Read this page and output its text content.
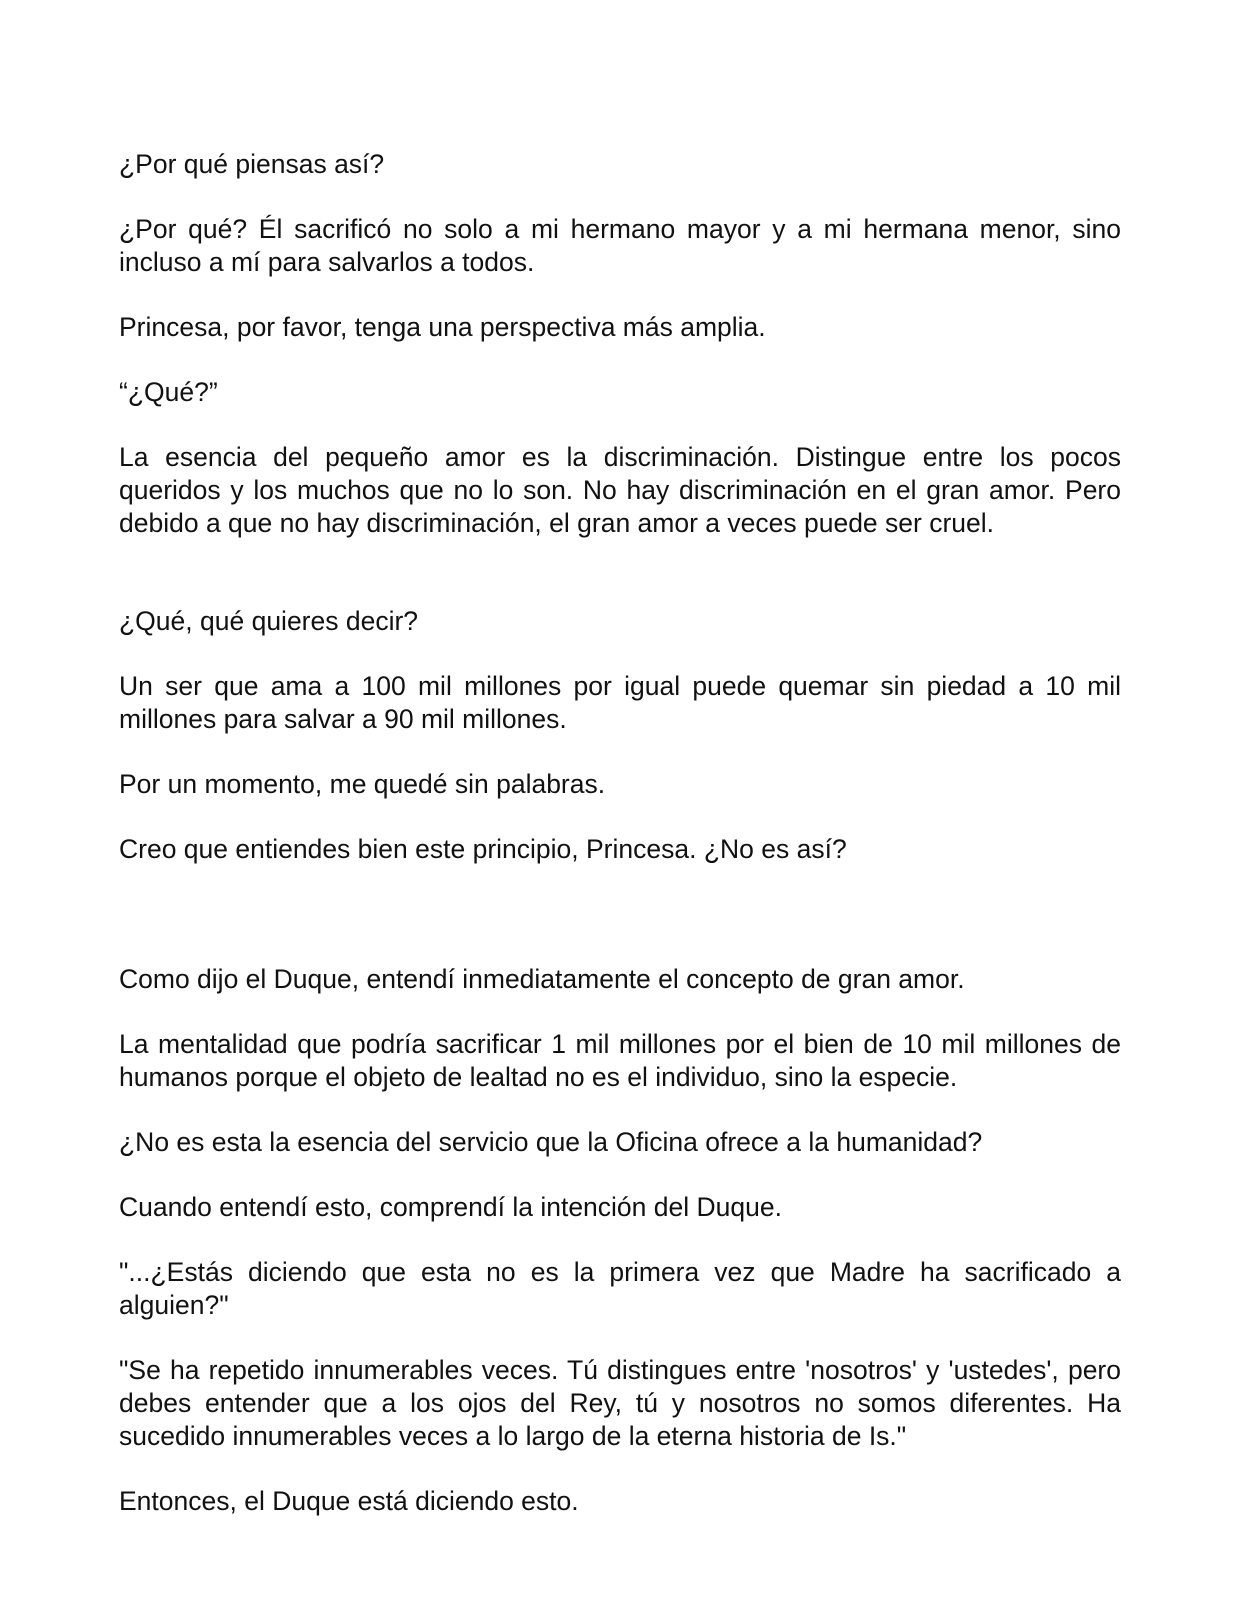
¿Por qué piensas así?

¿Por qué? Él sacrificó no solo a mi hermano mayor y a mi hermana menor, sino incluso a mí para salvarlos a todos.

Princesa, por favor, tenga una perspectiva más amplia.

“¿Qué?”

La esencia del pequeño amor es la discriminación. Distingue entre los pocos queridos y los muchos que no lo son. No hay discriminación en el gran amor. Pero debido a que no hay discriminación, el gran amor a veces puede ser cruel.

¿Qué, qué quieres decir?

Un ser que ama a 100 mil millones por igual puede quemar sin piedad a 10 mil millones para salvar a 90 mil millones.

Por un momento, me quedé sin palabras.

Creo que entiendes bien este principio, Princesa. ¿No es así?

Como dijo el Duque, entendí inmediatamente el concepto de gran amor.

La mentalidad que podría sacrificar 1 mil millones por el bien de 10 mil millones de humanos porque el objeto de lealtad no es el individuo, sino la especie.

¿No es esta la esencia del servicio que la Oficina ofrece a la humanidad?

Cuando entendí esto, comprendí la intención del Duque.

"...¿Estás diciendo que esta no es la primera vez que Madre ha sacrificado a alguien?"

"Se ha repetido innumerables veces. Tú distingues entre 'nosotros' y 'ustedes', pero debes entender que a los ojos del Rey, tú y nosotros no somos diferentes. Ha sucedido innumerables veces a lo largo de la eterna historia de Is."

Entonces, el Duque está diciendo esto.
